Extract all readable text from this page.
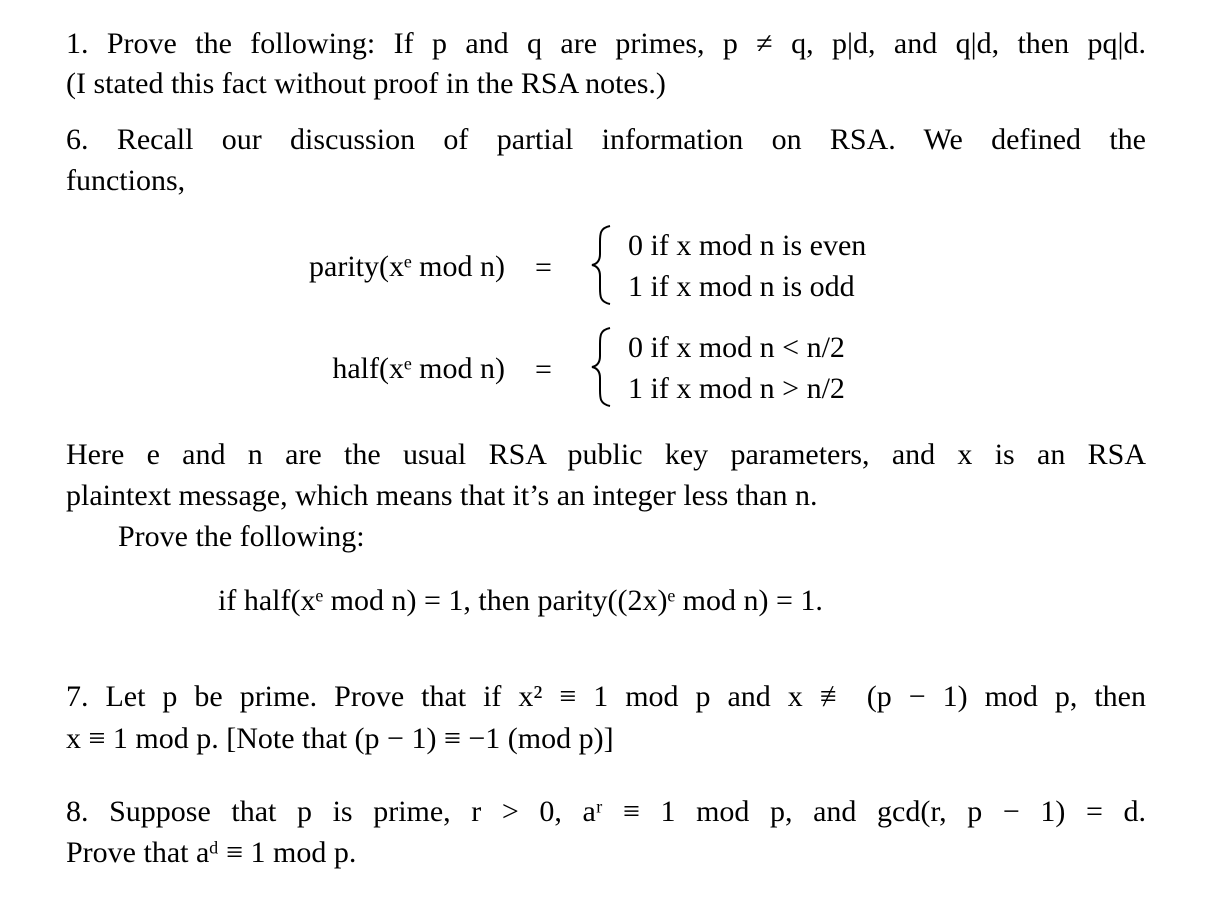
1. Prove the following: If p and q are primes, p ≠ q, p|d, and q|d, then pq|d.
(I stated this fact without proof in the RSA notes.)
6. Recall our discussion of partial information on RSA. We defined the
functions,
parity(xᵉ mod n) =
0 if x mod n is even
1 if x mod n is odd
half(xᵉ mod n) =
0 if x mod n < n/2
1 if x mod n > n/2
Here e and n are the usual RSA public key parameters, and x is an RSA
plaintext message, which means that it’s an integer less than n.
Prove the following:
if half(xᵉ mod n) = 1, then parity((2x)ᵉ mod n) = 1.
7. Let p be prime. Prove that if x² ≡ 1 mod p and x ≢ (p − 1) mod p, then
x ≡ 1 mod p. [Note that (p − 1) ≡ −1 (mod p)]
8. Suppose that p is prime, r > 0, aʳ ≡ 1 mod p, and gcd(r, p − 1) = d.
Prove that aᵈ ≡ 1 mod p.
